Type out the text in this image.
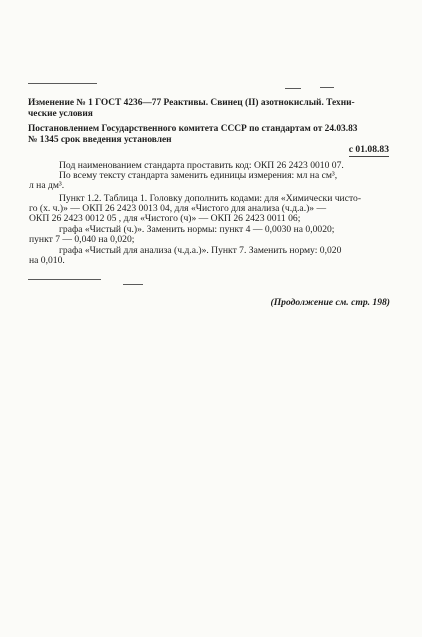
Изменение № 1 ГОСТ 4236—77 Реактивы. Свинец (II) азотнокислый. Техни-
ческие условия
Постановлением Государственного комитета СССР по стандартам от 24.03.83
№ 1345 срок введения установлен
с 01.08.83
Под наименованием стандарта проставить код: ОКП 26 2423 0010 07.
По всему тексту стандарта заменить единицы измерения: мл на см³,
л на дм³.
Пункт 1.2. Таблица 1. Головку дополнить кодами: для «Химически чисто-
го (х. ч.)» — ОКП 26 2423 0013 04, для «Чистого для анализа (ч.д.а.)» —
ОКП 26 2423 0012 05 , для «Чистого (ч)» — ОКП 26 2423 0011 06;
графа «Чистый (ч.)». Заменить нормы: пункт 4 — 0,0030 на 0,0020;
пункт 7 — 0,040 на 0,020;
графа «Чистый для анализа (ч.д.а.)». Пункт 7. Заменить норму: 0,020
на 0,010.
(Продолжение см. стр. 198)
